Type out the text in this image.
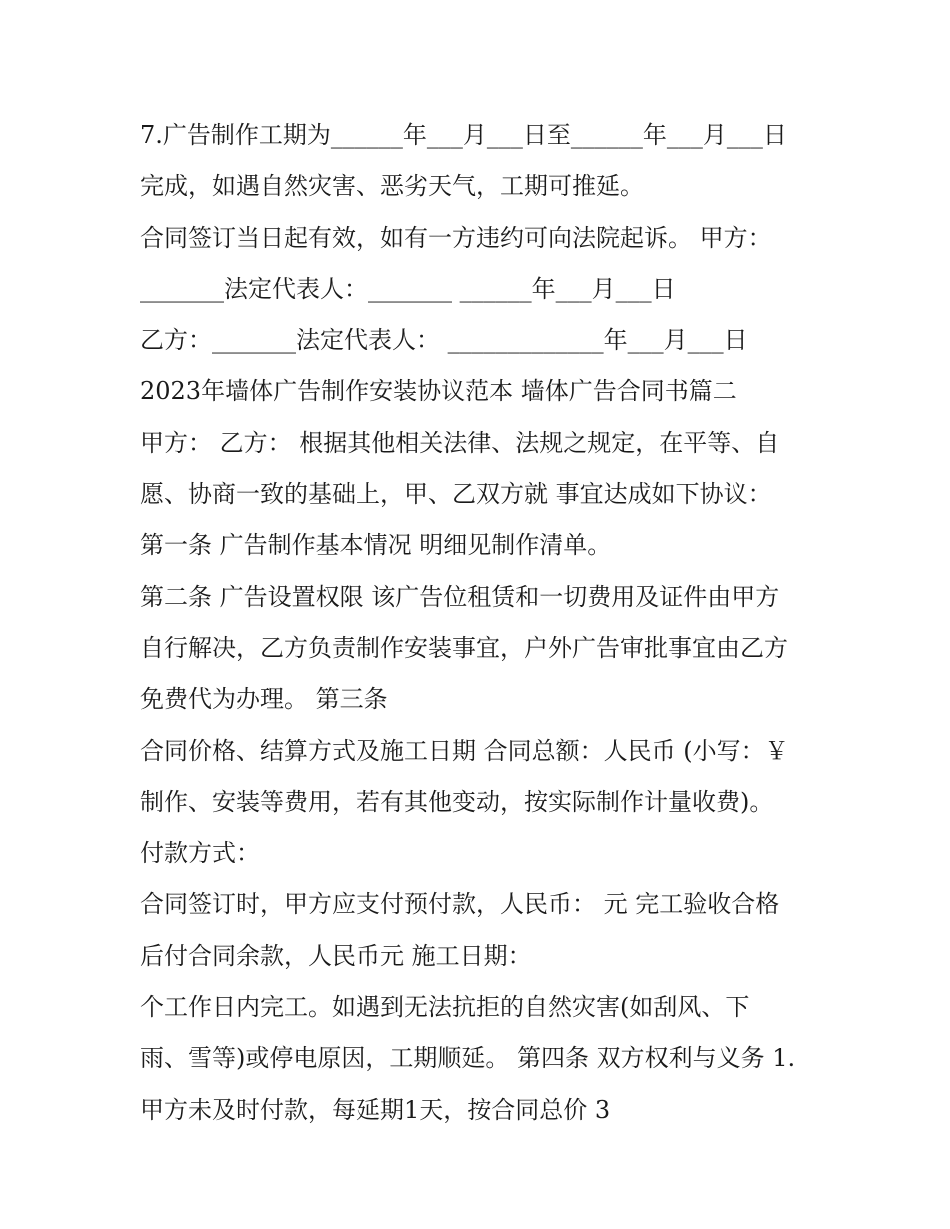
7.广告制作工期为______年___月___日至______年___月___日
完成，如遇自然灾害、恶劣天气，工期可推延。
合同签订当日起有效，如有一方违约可向法院起诉。 甲方：
_______法定代表人：_______ ______年___月___日
乙方：_______法定代表人： _____________年___月___日
2023年墙体广告制作安装协议范本 墙体广告合同书篇二
甲方： 乙方： 根据其他相关法律、法规之规定，在平等、自
愿、协商一致的基础上，甲、乙双方就 事宜达成如下协议：
第一条 广告制作基本情况 明细见制作清单。
第二条 广告设置权限 该广告位租赁和一切费用及证件由甲方
自行解决，乙方负责制作安装事宜，户外广告审批事宜由乙方
免费代为办理。 第三条
合同价格、结算方式及施工日期 合同总额：人民币 (小写：￥
制作、安装等费用，若有其他变动，按实际制作计量收费)。
付款方式：
合同签订时，甲方应支付预付款，人民币： 元 完工验收合格
后付合同余款，人民币元 施工日期：
个工作日内完工。如遇到无法抗拒的自然灾害(如刮风、下
雨、雪等)或停电原因，工期顺延。 第四条 双方权利与义务 1.
甲方未及时付款，每延期1天，按合同总价 3
